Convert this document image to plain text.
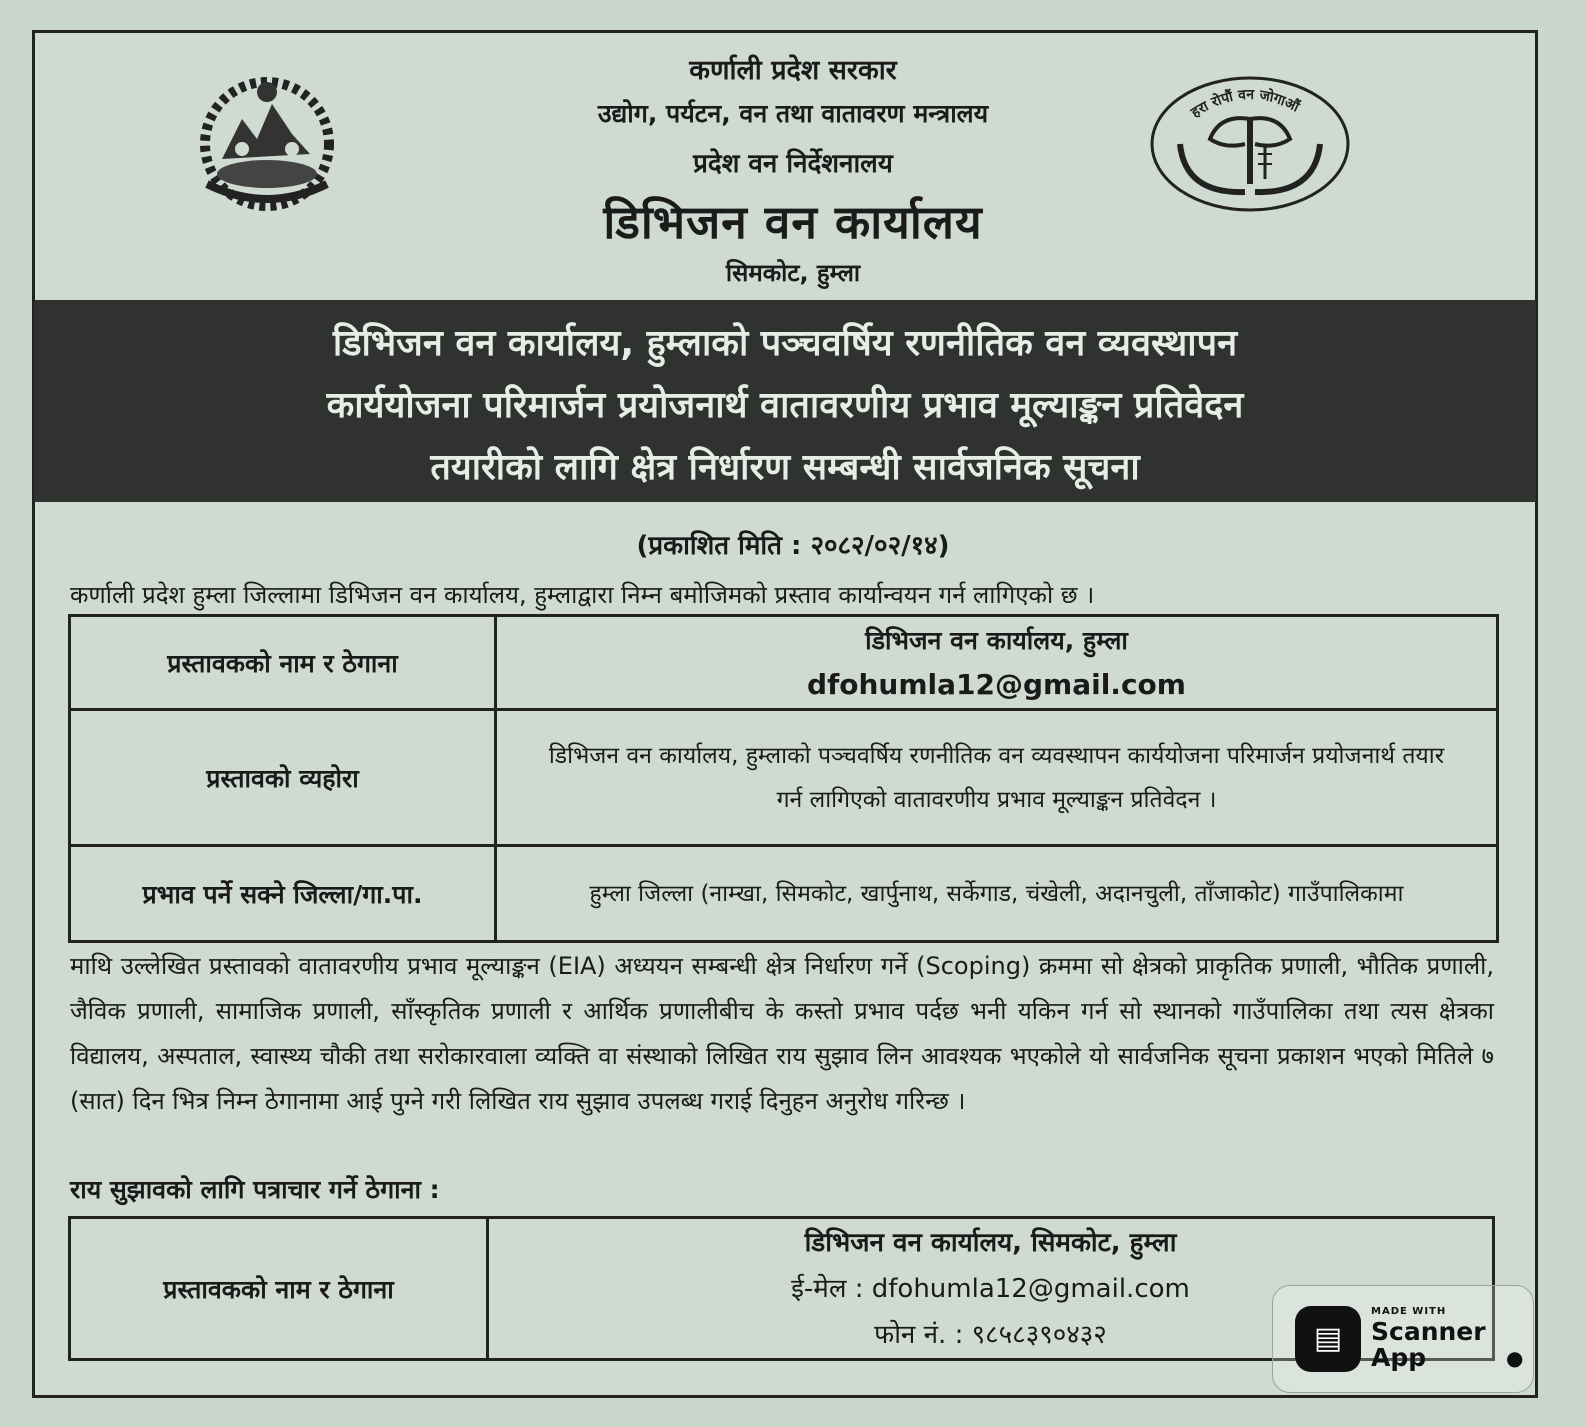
हरा रोपौं वन जोगाऔं
कर्णाली प्रदेश सरकार
उद्योग, पर्यटन, वन तथा वातावरण मन्त्रालय
प्रदेश वन निर्देशनालय
डिभिजन वन कार्यालय
सिमकोट, हुम्ला
डिभिजन वन कार्यालय, हुम्लाको पञ्चवर्षिय रणनीतिक वन व्यवस्थापन
कार्ययोजना परिमार्जन प्रयोजनार्थ वातावरणीय प्रभाव मूल्याङ्कन प्रतिवेदन
तयारीको लागि क्षेत्र निर्धारण सम्बन्धी सार्वजनिक सूचना
(प्रकाशित मिति : २०८२/०२/१४)
कर्णाली प्रदेश हुम्ला जिल्लामा डिभिजन वन कार्यालय, हुम्लाद्वारा निम्न बमोजिमको प्रस्ताव कार्यान्वयन गर्न लागिएको छ ।
प्रस्तावकको नाम र ठेगाना	डिभिजन वन कार्यालय, हुम्ला
dfohumla12@gmail.com

प्रस्तावको व्यहोरा	डिभिजन वन कार्यालय, हुम्लाको पञ्चवर्षिय रणनीतिक वन व्यवस्थापन कार्ययोजना परिमार्जन प्रयोजनार्थ तयार गर्न लागिएको वातावरणीय प्रभाव मूल्याङ्कन प्रतिवेदन ।
प्रभाव पर्ने सक्ने जिल्ला/गा.पा.	हुम्ला जिल्ला (नाम्खा, सिमकोट, खार्पुनाथ, सर्केगाड, चंखेली, अदानचुली, ताँजाकोट) गाउँपालिकामा
माथि उल्लेखित प्रस्तावको वातावरणीय प्रभाव मूल्याङ्कन (EIA) अध्ययन सम्बन्धी क्षेत्र निर्धारण गर्ने (Scoping) क्रममा सो क्षेत्रको प्राकृतिक प्रणाली, भौतिक प्रणाली, जैविक प्रणाली, सामाजिक प्रणाली, साँस्कृतिक प्रणाली र आर्थिक प्रणालीबीच के कस्तो प्रभाव पर्दछ भनी यकिन गर्न सो स्थानको गाउँपालिका तथा त्यस क्षेत्रका विद्यालय, अस्पताल, स्वास्थ्य चौकी तथा सरोकारवाला व्यक्ति वा संस्थाको लिखित राय सुझाव लिन आवश्यक भएकोले यो सार्वजनिक सूचना प्रकाशन भएको मितिले ७ (सात) दिन भित्र निम्न ठेगानामा आई पुग्ने गरी लिखित राय सुझाव उपलब्ध गराई दिनुहन अनुरोध गरिन्छ ।
राय सुझावको लागि पत्राचार गर्ने ठेगाना :
प्रस्तावकको नाम र ठेगाना	
डिभिजन वन कार्यालय, सिमकोट, हुम्ला
ई-मेल : dfohumla12@gmail.com
फोन नं. : ९८५८३९०४३२	▤
MADE WITH
Scanner
App	●
